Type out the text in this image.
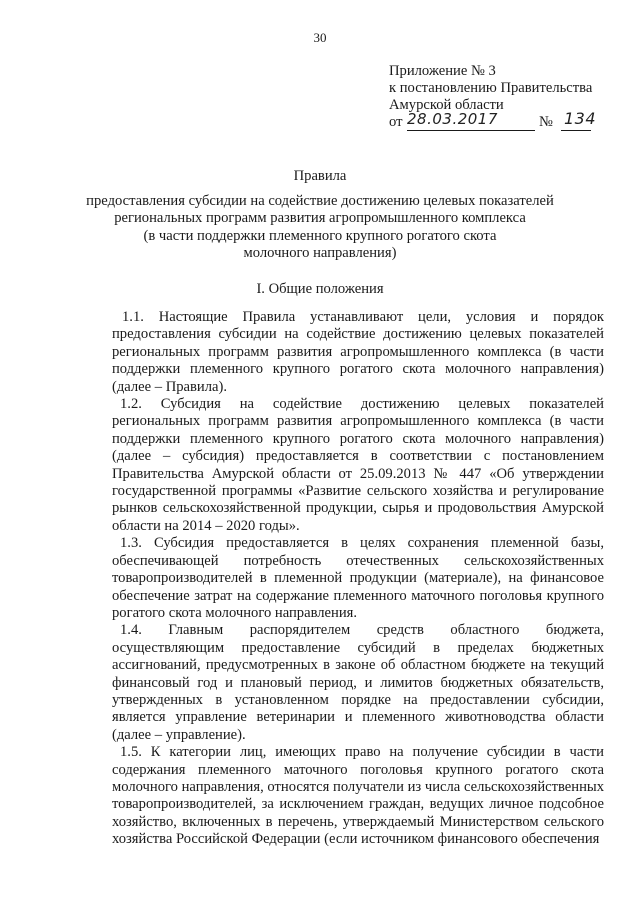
30
Приложение № 3
к постановлению Правительства
Амурской области
от 28.03.2017	№ 134
Правила
предоставления субсидии на содействие достижению целевых показателей
региональных программ развития агропромышленного комплекса
(в части поддержки племенного крупного рогатого скота
молочного направления)
I. Общие положения

1.1. Настоящие Правила устанавливают цели, условия и порядок предоставления субсидии на содействие достижению целевых показателей региональных программ развития агропромышленного комплекса (в части поддержки племенного крупного рогатого скота молочного направления) (далее – Правила).

1.2. Субсидия на содействие достижению целевых показателей региональных программ развития агропромышленного комплекса (в части поддержки племенного крупного рогатого скота молочного направления) (далее – субсидия) предоставляется в соответствии с постановлением Правительства Амурской области от 25.09.2013 № 447 «Об утверждении государственной программы «Развитие сельского хозяйства и регулирование рынков сельскохозяйственной продукции, сырья и продовольствия Амурской области на 2014 – 2020 годы».

1.3. Субсидия предоставляется в целях сохранения племенной базы, обеспечивающей потребность отечественных сельскохозяйственных товаропроизводителей в племенной продукции (материале), на финансовое обеспечение затрат на содержание племенного маточного поголовья крупного рогатого скота молочного направления.

1.4. Главным распорядителем средств областного бюджета, осуществляющим предоставление субсидий в пределах бюджетных ассигнований, предусмотренных в законе об областном бюджете на текущий финансовый год и плановый период, и лимитов бюджетных обязательств, утвержденных в установленном порядке на предоставлении субсидии, является управление ветеринарии и племенного животноводства области (далее – управление).

1.5. К категории лиц, имеющих право на получение субсидии в части содержания племенного маточного поголовья крупного рогатого скота молочного направления, относятся получатели из числа сельскохозяйственных товаропроизводителей, за исключением граждан, ведущих личное подсобное хозяйство, включенных в перечень, утверждаемый Министерством сельского хозяйства Российской Федерации (если источником финансового обеспечения
